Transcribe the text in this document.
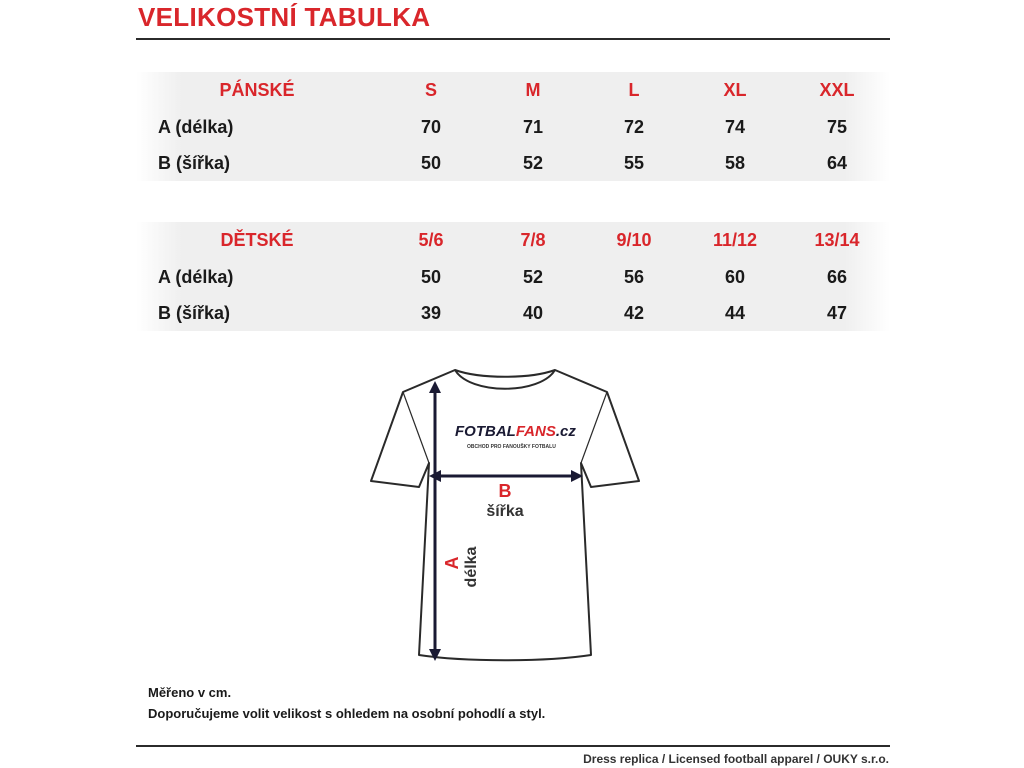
VELIKOSTNÍ TABULKA
PÁNSKÉ	S	M	L	XL	XXL
A (délka)	70	71	72	74	75
B (šířka)	50	52	55	58	64
DĚTSKÉ	5/6	7/8	9/10	11/12	13/14
A (délka)	50	52	56	60	66
B (šířka)	39	40	42	44	47
FOTBALFANS.cz
OBCHOD PRO FANOUŠKY FOTBALU
B
šířka
A délka
Měřeno v cm.
Doporučujeme volit velikost s ohledem na osobní pohodlí a styl.
Dress replica / Licensed football apparel / OUKY s.r.o.
